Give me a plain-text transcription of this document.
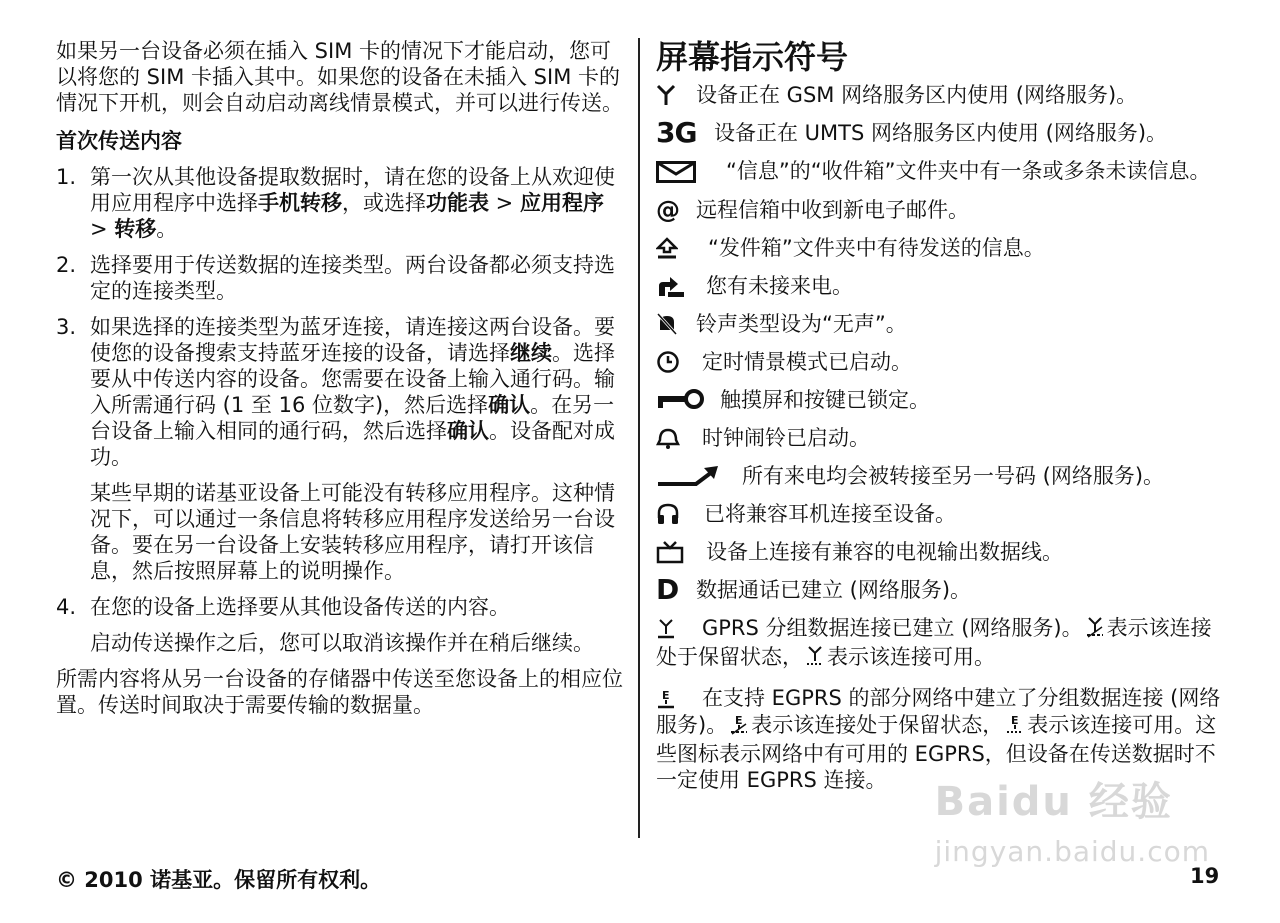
如果另一台设备必须在插入 SIM 卡的情况下才能启动，您可以将您的 SIM 卡插入其中。如果您的设备在未插入 SIM 卡的情况下开机，则会自动启动离线情景模式，并可以进行传送。

首次传送内容
1. 第一次从其他设备提取数据时，请在您的设备上从欢迎使用应用程序中选择手机转移，或选择功能表 > 应用程序 > 转移。
2. 选择要用于传送数据的连接类型。两台设备都必须支持选定的连接类型。
3. 如果选择的连接类型为蓝牙连接，请连接这两台设备。要使您的设备搜索支持蓝牙连接的设备，请选择继续。选择要从中传送内容的设备。您需要在设备上输入通行码。输入所需通行码 (1 至 16 位数字)，然后选择确认。在另一台设备上输入相同的通行码，然后选择确认。设备配对成功。

某些早期的诺基亚设备上可能没有转移应用程序。这种情况下，可以通过一条信息将转移应用程序发送给另一台设备。要在另一台设备上安装转移应用程序，请打开该信息，然后按照屏幕上的说明操作。

4. 在您的设备上选择要从其他设备传送的内容。

启动传送操作之后，您可以取消该操作并在稍后继续。

所需内容将从另一台设备的存储器中传送至您设备上的相应位置。传送时间取决于需要传输的数据量。

屏幕指示符号
设备正在 GSM 网络服务区内使用 (网络服务)。
3G 设备正在 UMTS 网络服务区内使用 (网络服务)。
“信息”的“收件箱”文件夹中有一条或多条未读信息。
@ 远程信箱中收到新电子邮件。
“发件箱”文件夹中有待发送的信息。
您有未接来电。
铃声类型设为“无声”。
定时情景模式已启动。
触摸屏和按键已锁定。
时钟闹铃已启动。
所有来电均会被转接至另一号码 (网络服务)。
已将兼容耳机连接至设备。
设备上连接有兼容的电视输出数据线。
D 数据通话已建立 (网络服务)。
GPRS 分组数据连接已建立 (网络服务)。 表示该连接处于保留状态， 表示该连接可用。
E 在支持 EGPRS 的部分网络中建立了分组数据连接 (网络服务)。 E 表示该连接处于保留状态， E 表示该连接可用。这些图标表示网络中有可用的 EGPRS，但设备在传送数据时不一定使用 EGPRS 连接。	Baidu 经验
jingyan.baidu.com
© 2010 诺基亚。保留所有权利。	19
